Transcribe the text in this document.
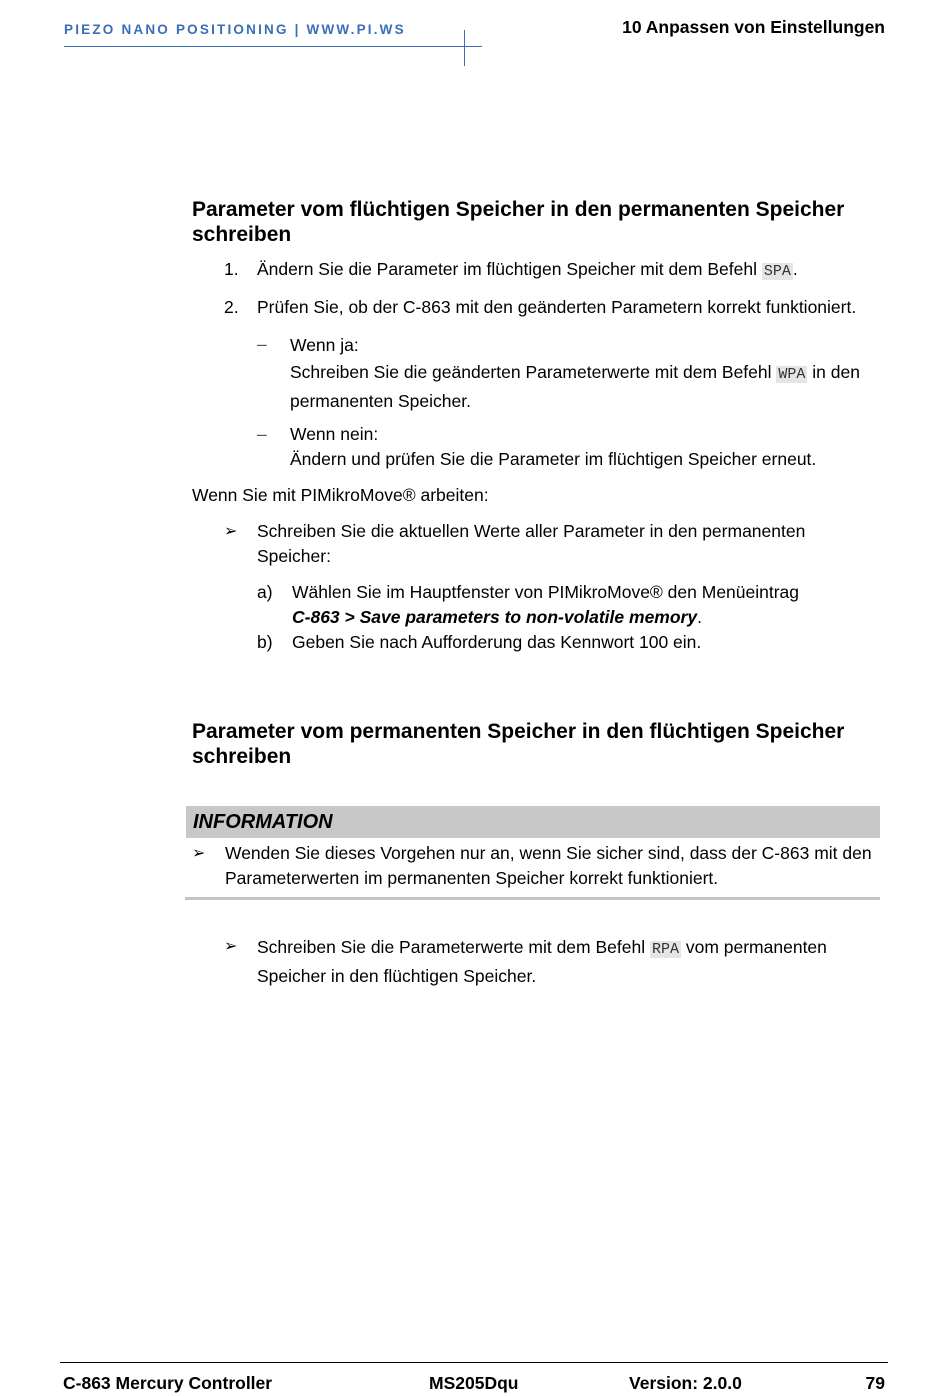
PIEZO NANO POSITIONING | WWW.PI.WS	10 Anpassen von Einstellungen
Parameter vom flüchtigen Speicher in den permanenten Speicher schreiben
1.	Ändern Sie die Parameter im flüchtigen Speicher mit dem Befehl SPA .
2.	Prüfen Sie, ob der C-863 mit den geänderten Parametern korrekt funktioniert.
– Wenn ja:
Schreiben Sie die geänderten Parameterwerte mit dem Befehl WPA in den permanenten Speicher.
– Wenn nein:
Ändern und prüfen Sie die Parameter im flüchtigen Speicher erneut.
Wenn Sie mit PIMikroMove® arbeiten:
➢ Schreiben Sie die aktuellen Werte aller Parameter in den permanenten Speicher:
a) Wählen Sie im Hauptfenster von PIMikroMove® den Menüeintrag
C-863 > Save parameters to non-volatile memory.
b) Geben Sie nach Aufforderung das Kennwort 100 ein.
Parameter vom permanenten Speicher in den flüchtigen Speicher schreiben
INFORMATION
➢ Wenden Sie dieses Vorgehen nur an, wenn Sie sicher sind, dass der C-863 mit den Parameterwerten im permanenten Speicher korrekt funktioniert.
➢ Schreiben Sie die Parameterwerte mit dem Befehl RPA vom permanenten Speicher in den flüchtigen Speicher.
C-863 Mercury Controller	MS205Dqu	Version: 2.0.0	79
